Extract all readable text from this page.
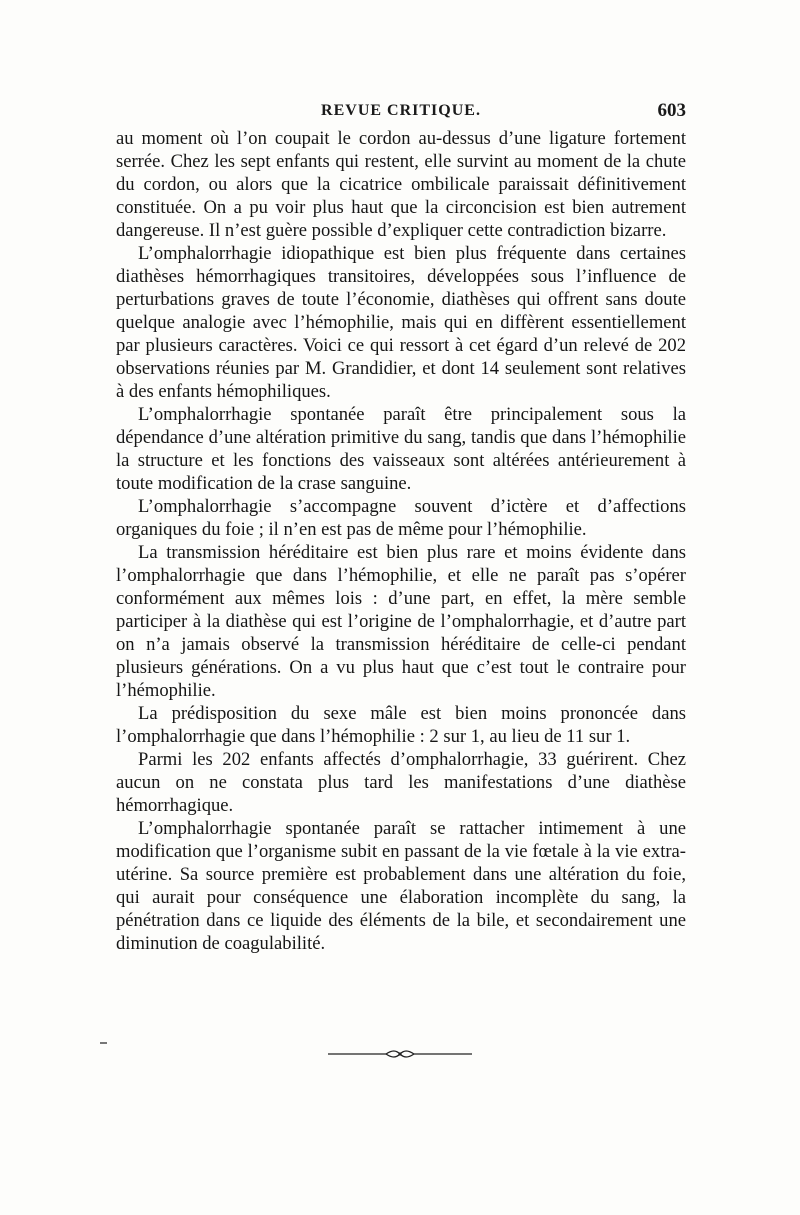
REVUE CRITIQUE.	603

au moment où l’on coupait le cordon au-dessus d’une ligature fortement serrée. Chez les sept enfants qui restent, elle survint au moment de la chute du cordon, ou alors que la cicatrice ombilicale paraissait définitivement constituée. On a pu voir plus haut que la circoncision est bien autrement dangereuse. Il n’est guère possible d’expliquer cette contradiction bizarre.

L’omphalorrhagie idiopathique est bien plus fréquente dans certaines diathèses hémorrhagiques transitoires, développées sous l’influence de perturbations graves de toute l’économie, diathèses qui offrent sans doute quelque analogie avec l’hémophilie, mais qui en diffèrent essentiellement par plusieurs caractères. Voici ce qui ressort à cet égard d’un relevé de 202 observations réunies par M. Grandidier, et dont 14 seulement sont relatives à des enfants hémophiliques.

L’omphalorrhagie spontanée paraît être principalement sous la dépendance d’une altération primitive du sang, tandis que dans l’hémophilie la structure et les fonctions des vaisseaux sont altérées antérieurement à toute modification de la crase sanguine.

L’omphalorrhagie s’accompagne souvent d’ictère et d’affections organiques du foie ; il n’en est pas de même pour l’hémophilie.

La transmission héréditaire est bien plus rare et moins évidente dans l’omphalorrhagie que dans l’hémophilie, et elle ne paraît pas s’opérer conformément aux mêmes lois : d’une part, en effet, la mère semble participer à la diathèse qui est l’origine de l’omphalorrhagie, et d’autre part on n’a jamais observé la transmission héréditaire de celle-ci pendant plusieurs générations. On a vu plus haut que c’est tout le contraire pour l’hémophilie.

La prédisposition du sexe mâle est bien moins prononcée dans l’omphalorrhagie que dans l’hémophilie : 2 sur 1, au lieu de 11 sur 1.

Parmi les 202 enfants affectés d’omphalorrhagie, 33 guérirent. Chez aucun on ne constata plus tard les manifestations d’une diathèse hémorrhagique.

L’omphalorrhagie spontanée paraît se rattacher intimement à une modification que l’organisme subit en passant de la vie fœtale à la vie extra-utérine. Sa source première est probablement dans une altération du foie, qui aurait pour conséquence une élaboration incomplète du sang, la pénétration dans ce liquide des éléments de la bile, et secondairement une diminution de coagulabilité.
